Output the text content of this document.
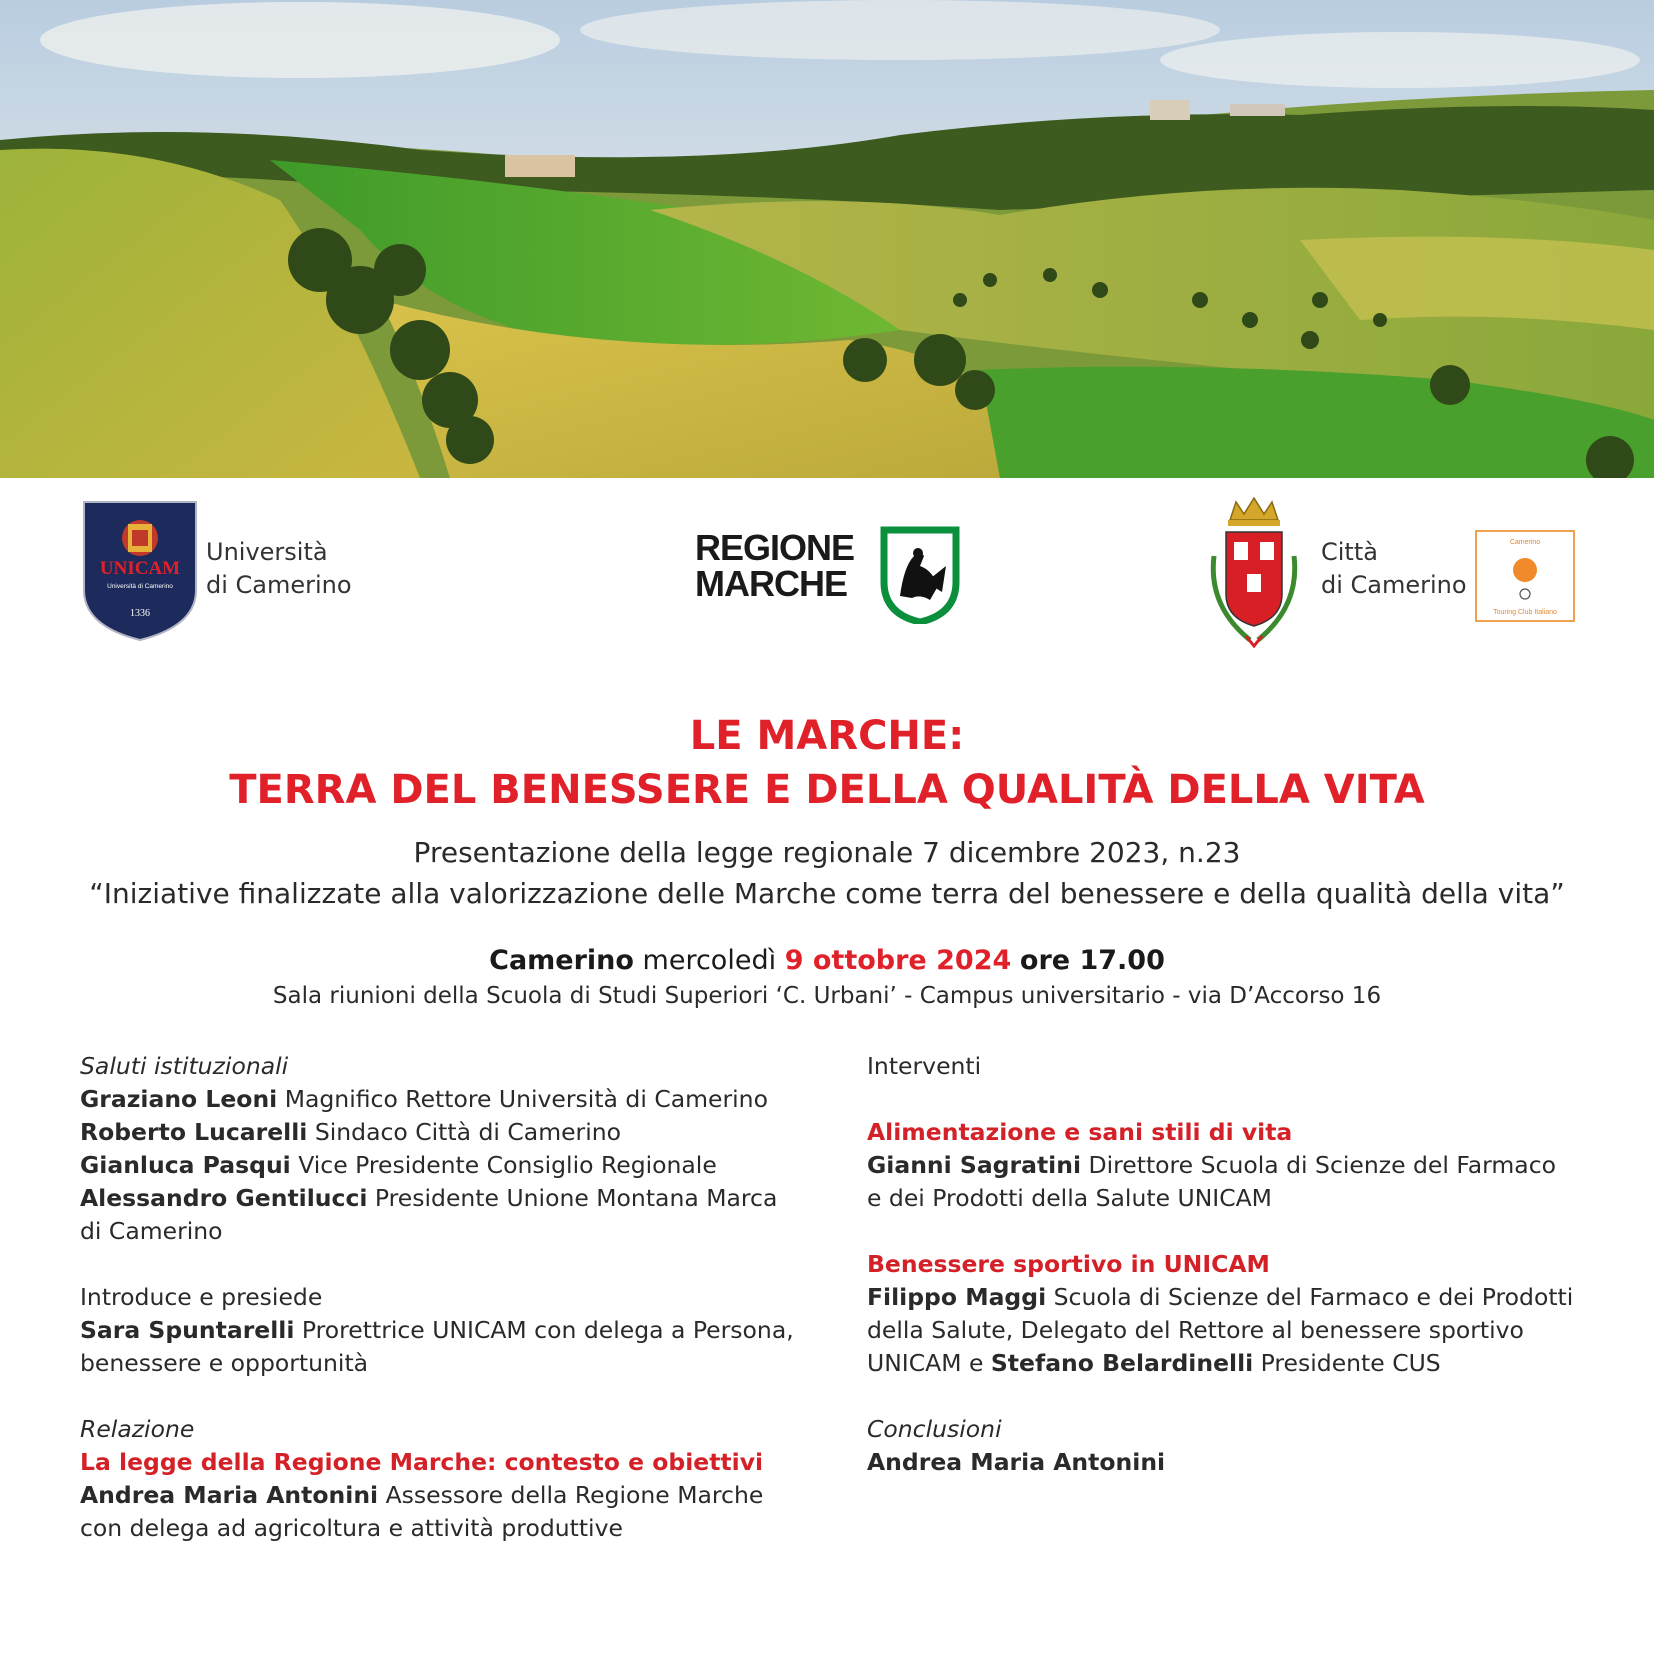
UNICAM
Università di Camerino
1336
Università
di Camerino
REGIONE
MARCHE
Città
di Camerino
Camerino
Touring Club Italiano
LE MARCHE:
TERRA DEL BENESSERE E DELLA QUALITÀ DELLA VITA
Presentazione della legge regionale 7 dicembre 2023, n.23
“Iniziative finalizzate alla valorizzazione delle Marche come terra del benessere e della qualità della vita”
Camerino mercoledì 9 ottobre 2024 ore 17.00
Sala riunioni della Scuola di Studi Superiori ‘C. Urbani’ - Campus universitario - via D’Accorso 16

Saluti istituzionali

Graziano Leoni Magnifico Rettore Università di Camerino

Roberto Lucarelli Sindaco Città di Camerino

Gianluca Pasqui Vice Presidente Consiglio Regionale

Alessandro Gentilucci Presidente Unione Montana Marca

di Camerino

Introduce e presiede

Sara Spuntarelli Prorettrice UNICAM con delega a Persona,

benessere e opportunità

Relazione

La legge della Regione Marche: contesto e obiettivi

Andrea Maria Antonini Assessore della Regione Marche

con delega ad agricoltura e attività produttive

Interventi

Alimentazione e sani stili di vita

Gianni Sagratini Direttore Scuola di Scienze del Farmaco

e dei Prodotti della Salute UNICAM

Benessere sportivo in UNICAM

Filippo Maggi Scuola di Scienze del Farmaco e dei Prodotti

della Salute, Delegato del Rettore al benessere sportivo

UNICAM e Stefano Belardinelli Presidente CUS

Conclusioni

Andrea Maria Antonini
